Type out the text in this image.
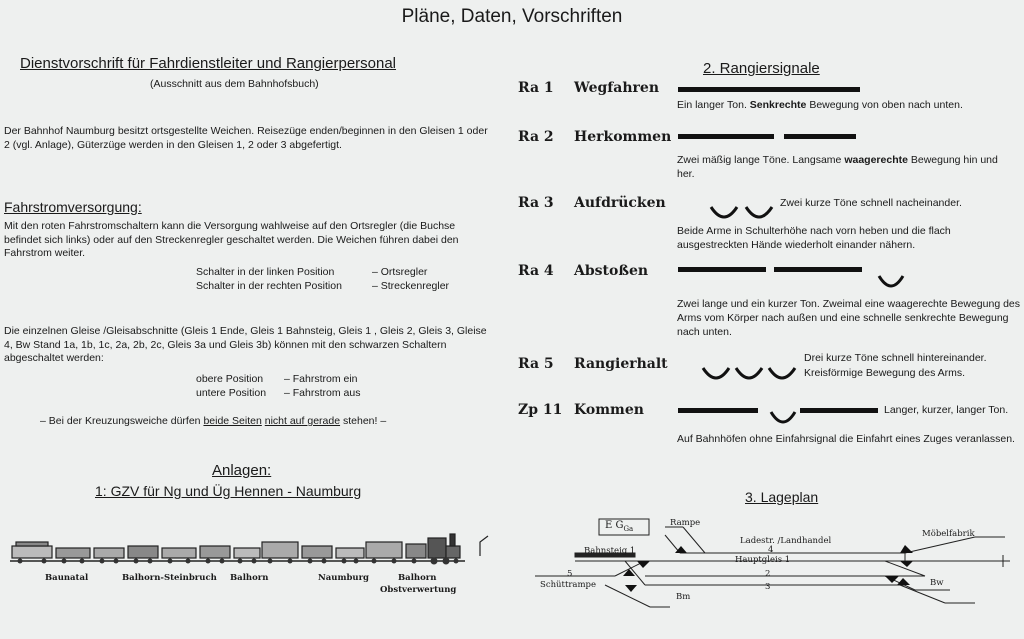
Pläne, Daten, Vorschriften
Dienstvorschrift für Fahrdienstleiter und Rangierpersonal
(Ausschnitt aus dem Bahnhofsbuch)
Der Bahnhof Naumburg besitzt ortsgestellte Weichen. Reisezüge enden/beginnen in den Gleisen 1 oder 2 (vgl. Anlage), Güterzüge werden in den Gleisen 1, 2 oder 3 abgefertigt.
Fahrstromversorgung:
Mit den roten Fahrstromschaltern kann die Versorgung wahlweise auf den Ortsregler (die Buchse befindet sich links) oder auf den Streckenregler geschaltet werden. Die Weichen führen dabei den Fahrstrom weiter.
Schalter in der linken Position	– Ortsregler
Schalter in der rechten Position	– Streckenregler
Die einzelnen Gleise /Gleisabschnitte (Gleis 1 Ende, Gleis 1 Bahnsteig, Gleis 1 , Gleis 2, Gleis 3, Gleise 4, Bw Stand 1a, 1b, 1c, 2a, 2b, 2c, Gleis 3a und Gleis 3b) können mit den schwarzen Schaltern abgeschaltet werden:
obere Position – Fahrstrom ein
untere Position – Fahrstrom aus
– Bei der Kreuzungsweiche dürfen beide Seiten nicht auf gerade stehen! –
Anlagen:
1: GZV für Ng und Üg Hennen - Naumburg
Baunatal	Balhorn-Steinbruch Balhorn	Naumburg	Balhorn
Obstverwertung
2. Rangiersignale
Ra 1 Wegfahren
Ein langer Ton. Senkrechte Bewegung von oben nach unten.
Ra 2 Herkommen
Zwei mäßig lange Töne. Langsame waagerechte Bewegung hin und her.
Ra 3 Aufdrücken	Zwei kurze Töne schnell nacheinander.
Beide Arme in Schulterhöhe nach vorn heben und die flach ausgestreckten Hände wiederholt einander nähern.
Ra 4 Abstoßen
Zwei lange und ein kurzer Ton. Zweimal eine waagerechte Bewegung des Arms vom Körper nach außen und eine schnelle senkrechte Bewegung nach unten.
Ra 5 Rangierhalt	Drei kurze Töne schnell hintereinander.
Kreisförmige Bewegung des Arms.
Zp 11 Kommen	Langer, kurzer, langer Ton.
Auf Bahnhöfen ohne Einfahrsignal die Einfahrt eines Zuges veranlassen.
3. Lageplan
E $G_{Ga}$
Rampe
Ladestr. /Landhandel
Möbelfabrik
Bahnsteig 1	4
Hauptgleis 1
2
3
5
Schüttrampe
Bm
Bw
